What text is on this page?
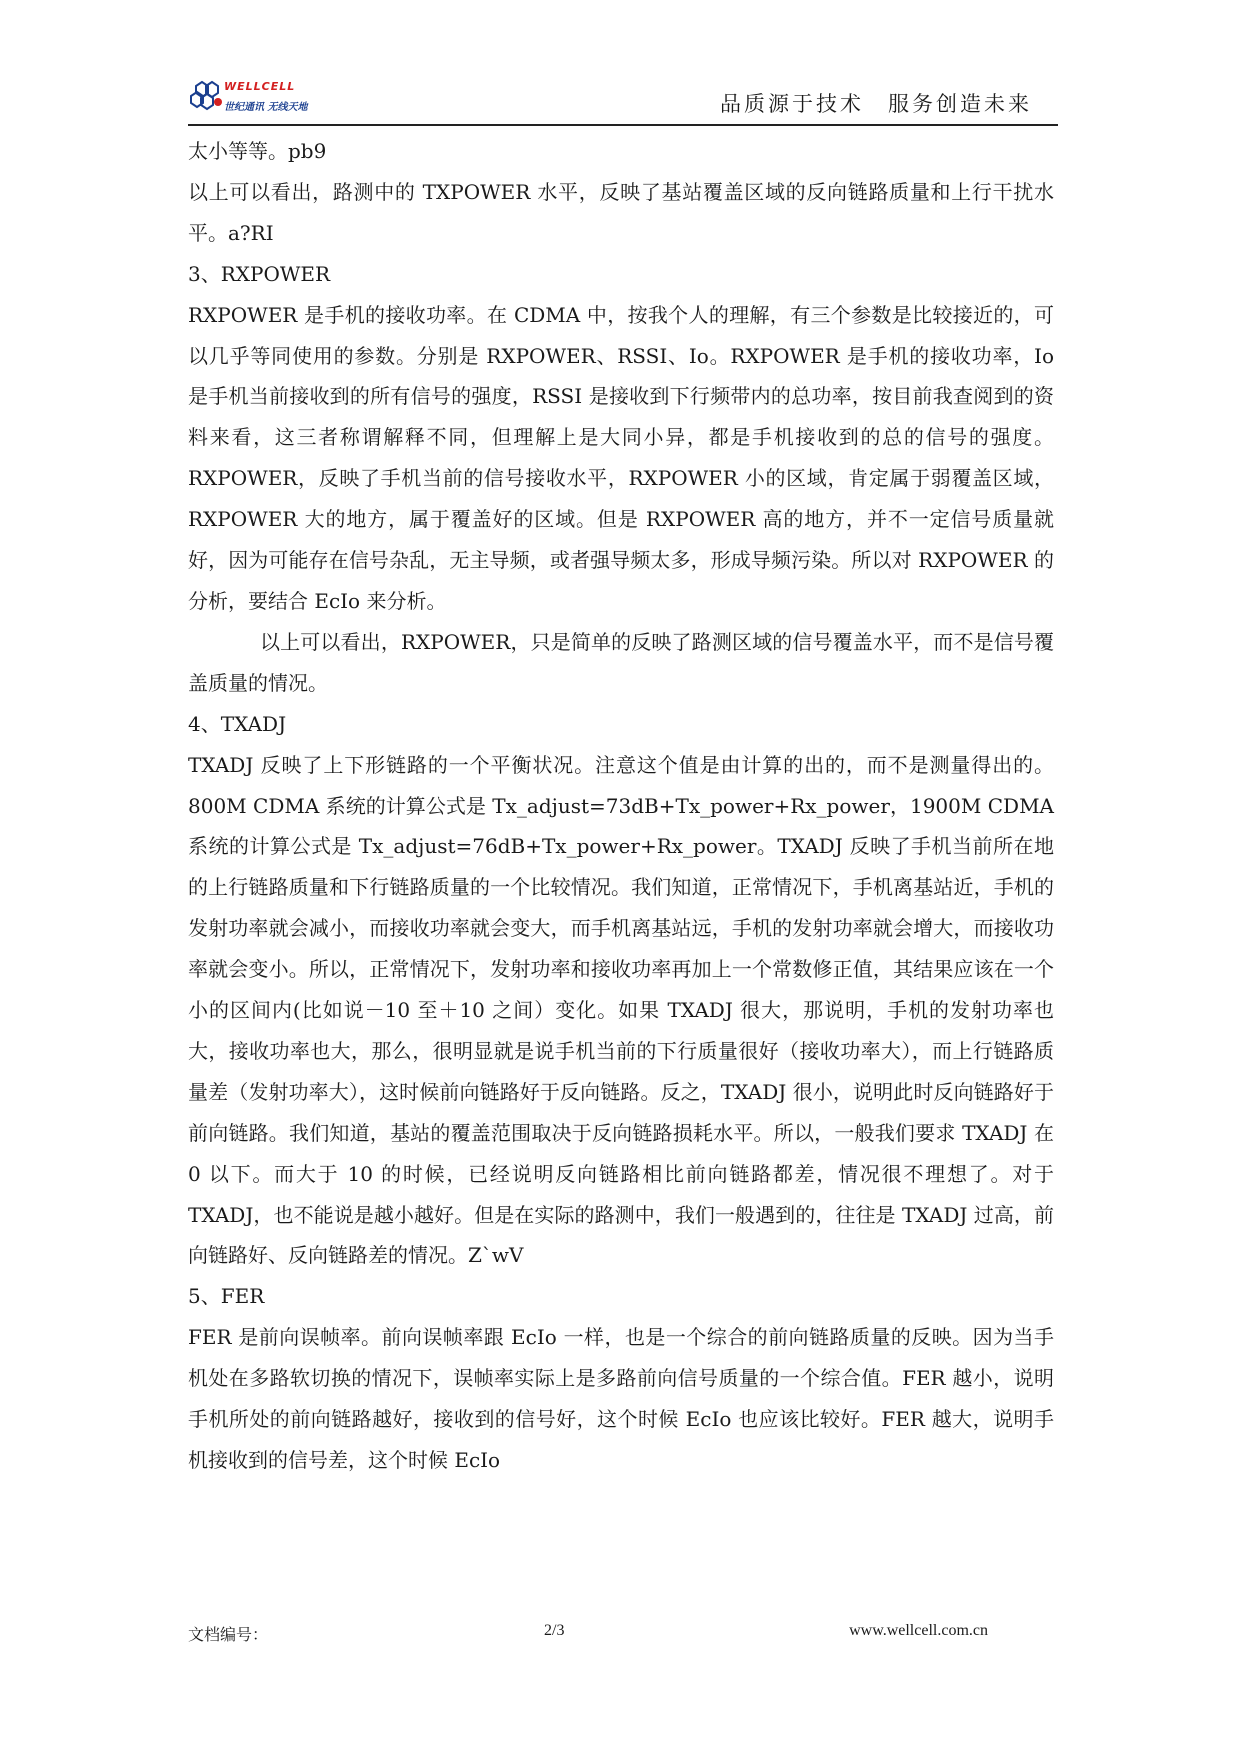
WELLCELL
世纪通讯 无线天地	品质源于技术　服务创造未来

太小等等。pb9

以上可以看出，路测中的 TXPOWER 水平，反映了基站覆盖区域的反向链路质量和上行干扰水平。a?RI

3、RXPOWER

RXPOWER 是手机的接收功率。在 CDMA 中，按我个人的理解，有三个参数是比较接近的，可以几乎等同使用的参数。分别是 RXPOWER、RSSI、Io。RXPOWER 是手机的接收功率，Io 是手机当前接收到的所有信号的强度，RSSI 是接收到下行频带内的总功率，按目前我查阅到的资料来看，这三者称谓解释不同，但理解上是大同小异，都是手机接收到的总的信号的强度。RXPOWER，反映了手机当前的信号接收水平，RXPOWER 小的区域，肯定属于弱覆盖区域，RXPOWER 大的地方，属于覆盖好的区域。但是 RXPOWER 高的地方，并不一定信号质量就好，因为可能存在信号杂乱，无主导频，或者强导频太多，形成导频污染。所以对 RXPOWER 的分析，要结合 EcIo 来分析。

以上可以看出，RXPOWER，只是简单的反映了路测区域的信号覆盖水平，而不是信号覆盖质量的情况。

4、TXADJ

TXADJ 反映了上下形链路的一个平衡状况。注意这个值是由计算的出的，而不是测量得出的。800M CDMA 系统的计算公式是 Tx_adjust=73dB+Tx_power+Rx_power，1900M CDMA 系统的计算公式是 Tx_adjust=76dB+Tx_power+Rx_power。TXADJ 反映了手机当前所在地的上行链路质量和下行链路质量的一个比较情况。我们知道，正常情况下，手机离基站近，手机的发射功率就会减小，而接收功率就会变大，而手机离基站远，手机的发射功率就会增大，而接收功率就会变小。所以，正常情况下，发射功率和接收功率再加上一个常数修正值，其结果应该在一个小的区间内(比如说－10 至＋10 之间）变化。如果 TXADJ 很大，那说明，手机的发射功率也大，接收功率也大，那么，很明显就是说手机当前的下行质量很好（接收功率大），而上行链路质量差（发射功率大），这时候前向链路好于反向链路。反之，TXADJ 很小，说明此时反向链路好于前向链路。我们知道，基站的覆盖范围取决于反向链路损耗水平。所以，一般我们要求 TXADJ 在 0 以下。而大于 10 的时候，已经说明反向链路相比前向链路都差，情况很不理想了。对于 TXADJ，也不能说是越小越好。但是在实际的路测中，我们一般遇到的，往往是 TXADJ 过高，前向链路好、反向链路差的情况。Z`wV

5、FER

FER 是前向误帧率。前向误帧率跟 EcIo 一样，也是一个综合的前向链路质量的反映。因为当手机处在多路软切换的情况下，误帧率实际上是多路前向信号质量的一个综合值。FER 越小，说明手机所处的前向链路越好，接收到的信号好，这个时候 EcIo 也应该比较好。FER 越大，说明手机接收到的信号差，这个时候 EcIo

文档编号：	2/3	www.wellcell.com.cn
